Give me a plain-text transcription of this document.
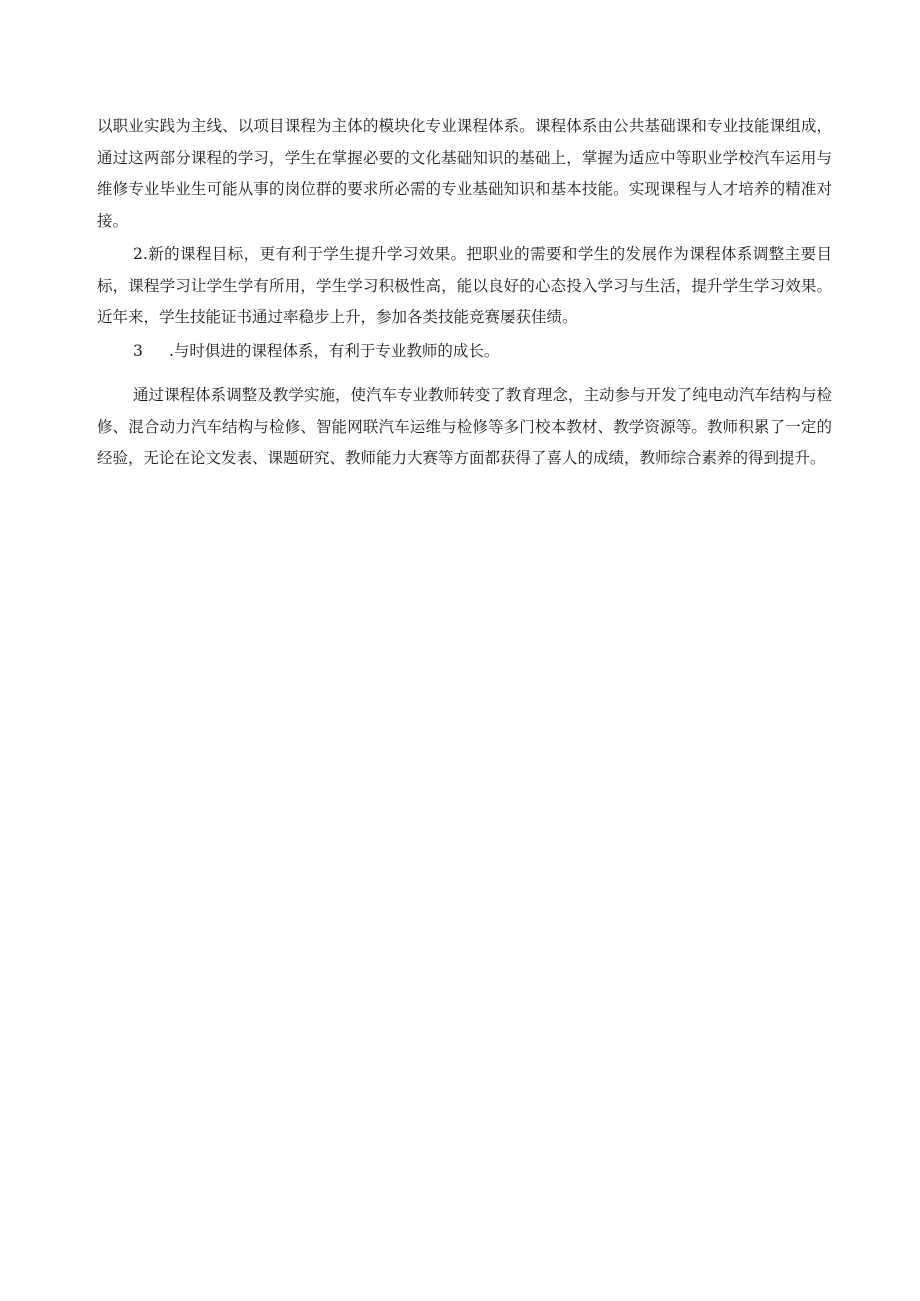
以职业实践为主线、以项目课程为主体的模块化专业课程体系。课程体系由公共基础课和专业技能课组成，通过这两部分课程的学习，学生在掌握必要的文化基础知识的基础上，掌握为适应中等职业学校汽车运用与维修专业毕业生可能从事的岗位群的要求所必需的专业基础知识和基本技能。实现课程与人才培养的精准对接。

2.新的课程目标，更有利于学生提升学习效果。把职业的需要和学生的发展作为课程体系调整主要目标，课程学习让学生学有所用，学生学习积极性高，能以良好的心态投入学习与生活，提升学生学习效果。近年来，学生技能证书通过率稳步上升，参加各类技能竞赛屡获佳绩。

3 .与时俱进的课程体系，有利于专业教师的成长。

通过课程体系调整及教学实施，使汽车专业教师转变了教育理念，主动参与开发了纯电动汽车结构与检修、混合动力汽车结构与检修、智能网联汽车运维与检修等多门校本教材、教学资源等。教师积累了一定的经验，无论在论文发表、课题研究、教师能力大赛等方面都获得了喜人的成绩，教师综合素养的得到提升。
